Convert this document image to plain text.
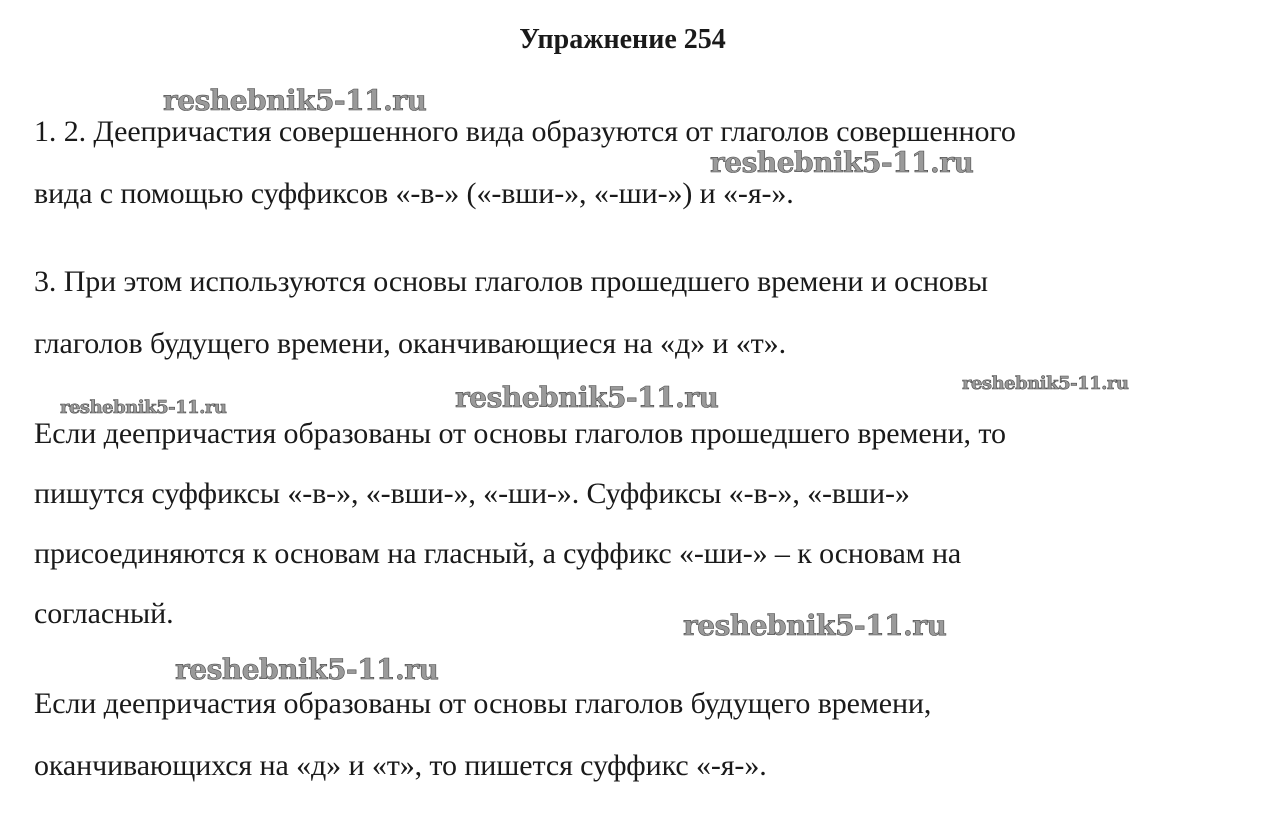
Упражнение 254
reshebnik5-11.ru
reshebnik5-11.ru
reshebnik5-11.ru
reshebnik5-11.ru	reshebnik5-11.ru
reshebnik5-11.ru
reshebnik5-11.ru
1. 2. Деепричастия совершенного вида образуются от глаголов совершенного
вида с помощью суффиксов «-в-» («-вши-», «-ши-») и «-я-».
3. При этом используются основы глаголов прошедшего времени и основы
глаголов будущего времени, оканчивающиеся на «д» и «т».
Если деепричастия образованы от основы глаголов прошедшего времени, то
пишутся суффиксы «-в-», «-вши-», «-ши-». Суффиксы «-в-», «-вши-»
присоединяются к основам на гласный, а суффикс «-ши-» – к основам на
согласный.
Если деепричастия образованы от основы глаголов будущего времени,
оканчивающихся на «д» и «т», то пишется суффикс «-я-».
